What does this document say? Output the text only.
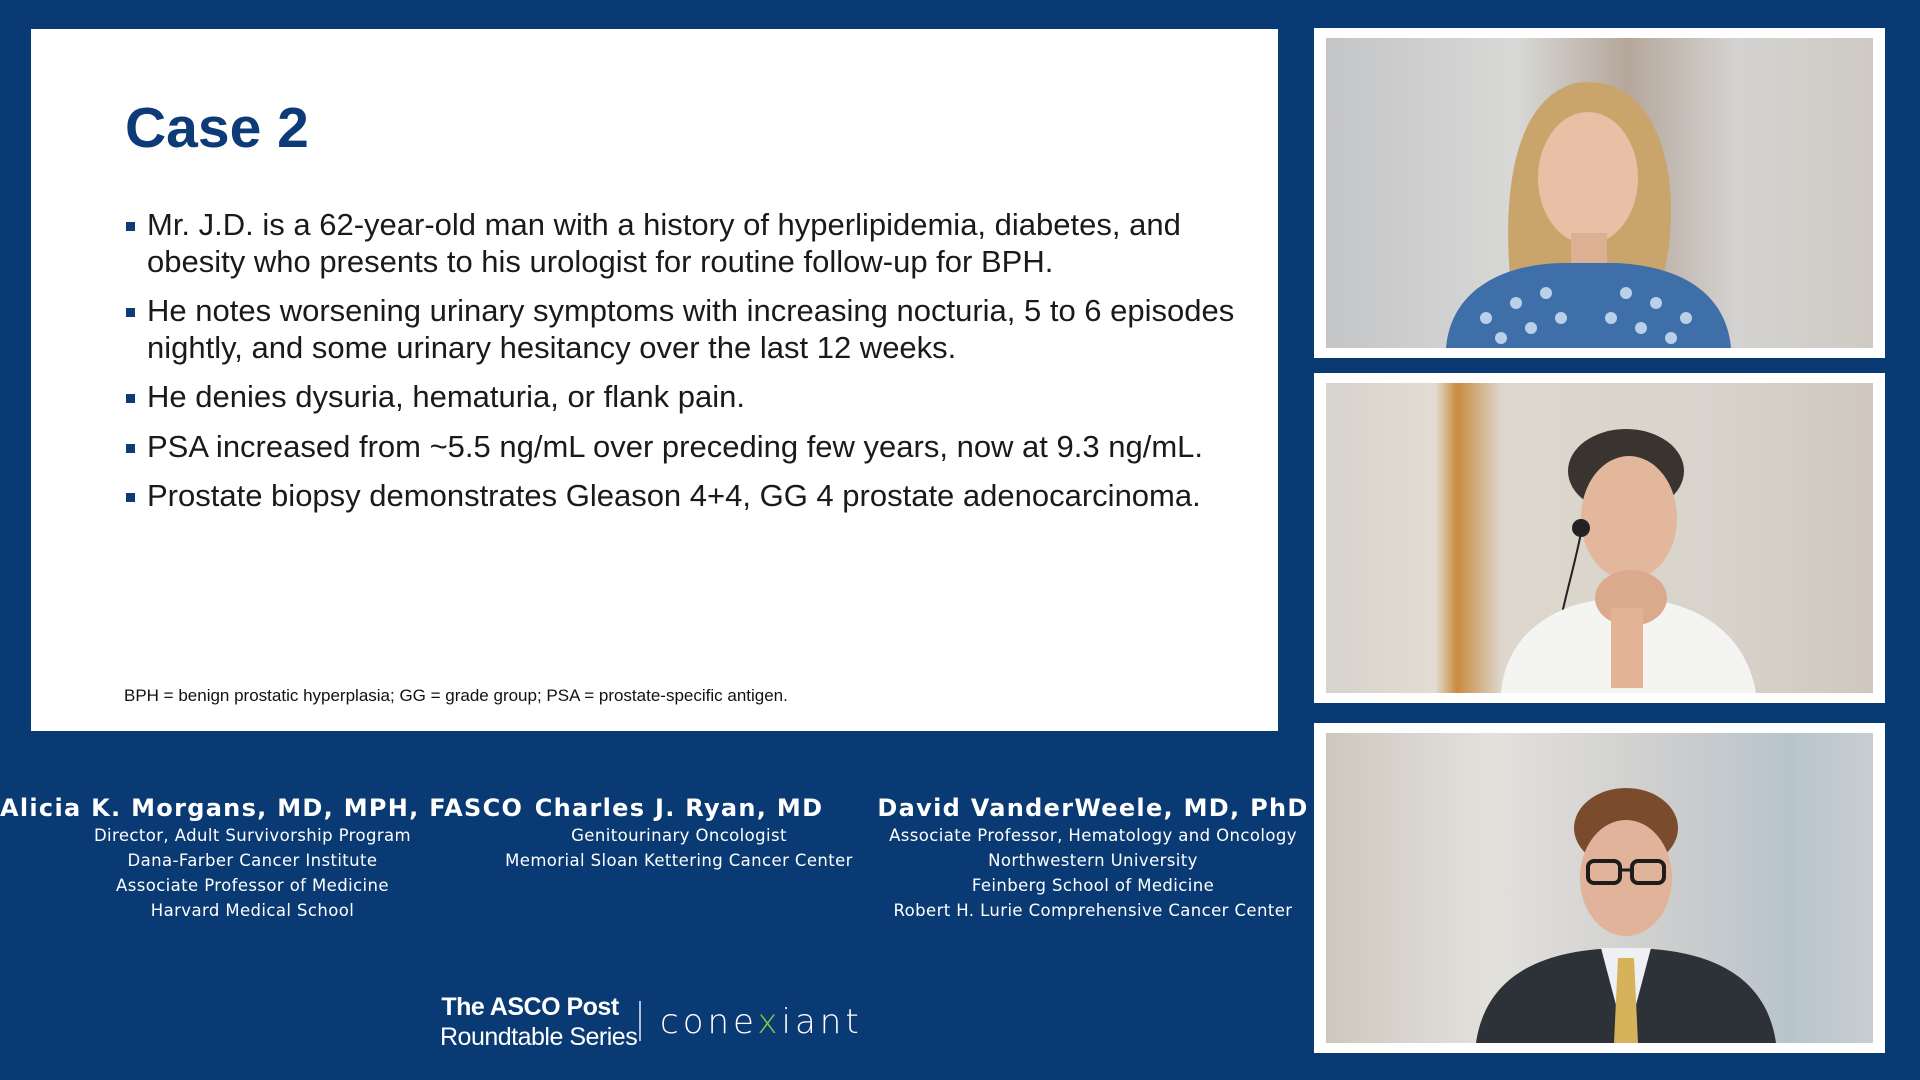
Case 2
Mr. J.D. is a 62-year-old man with a history of hyperlipidemia, diabetes, and obesity who presents to his urologist for routine follow-up for BPH.
He notes worsening urinary symptoms with increasing nocturia, 5 to 6 episodes nightly, and some urinary hesitancy over the last 12 weeks.
He denies dysuria, hematuria, or flank pain.
PSA increased from ~5.5 ng/mL over preceding few years, now at 9.3 ng/mL.
Prostate biopsy demonstrates Gleason 4+4, GG 4 prostate adenocarcinoma.
BPH = benign prostatic hyperplasia; GG = grade group; PSA = prostate-specific antigen.
Alicia K. Morgans, MD, MPH, FASCO
Director, Adult Survivorship Program
Dana-Farber Cancer Institute
Associate Professor of Medicine
Harvard Medical School
Charles J. Ryan, MD
Genitourinary Oncologist
Memorial Sloan Kettering Cancer Center
David VanderWeele, MD, PhD
Associate Professor, Hematology and Oncology
Northwestern University
Feinberg School of Medicine
Robert H. Lurie Comprehensive Cancer Center
The ASCO Post
Roundtable Series conexiant
